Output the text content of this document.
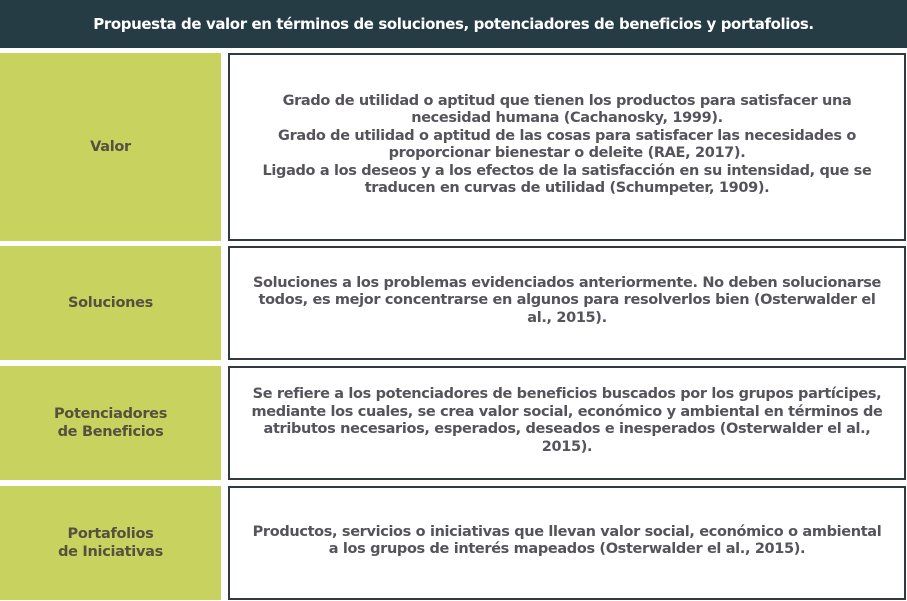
Propuesta de valor en términos de soluciones, potenciadores de beneficios y portafolios.
Valor
Grado de utilidad o aptitud que tienen los productos para satisfacer una
necesidad humana (Cachanosky, 1999).
Grado de utilidad o aptitud de las cosas para satisfacer las necesidades o
proporcionar bienestar o deleite (RAE, 2017).
Ligado a los deseos y a los efectos de la satisfacción en su intensidad, que se
traducen en curvas de utilidad (Schumpeter, 1909).
Soluciones
Soluciones a los problemas evidenciados anteriormente. No deben solucionarse
todos, es mejor concentrarse en algunos para resolverlos bien (Osterwalder el
al., 2015).
Potenciadores
de Beneficios
Se refiere a los potenciadores de beneficios buscados por los grupos partícipes,
mediante los cuales, se crea valor social, económico y ambiental en términos de
atributos necesarios, esperados, deseados e inesperados (Osterwalder el al.,
2015).
Portafolios
de Iniciativas
Productos, servicios o iniciativas que llevan valor social, económico o ambiental
a los grupos de interés mapeados (Osterwalder el al., 2015).
